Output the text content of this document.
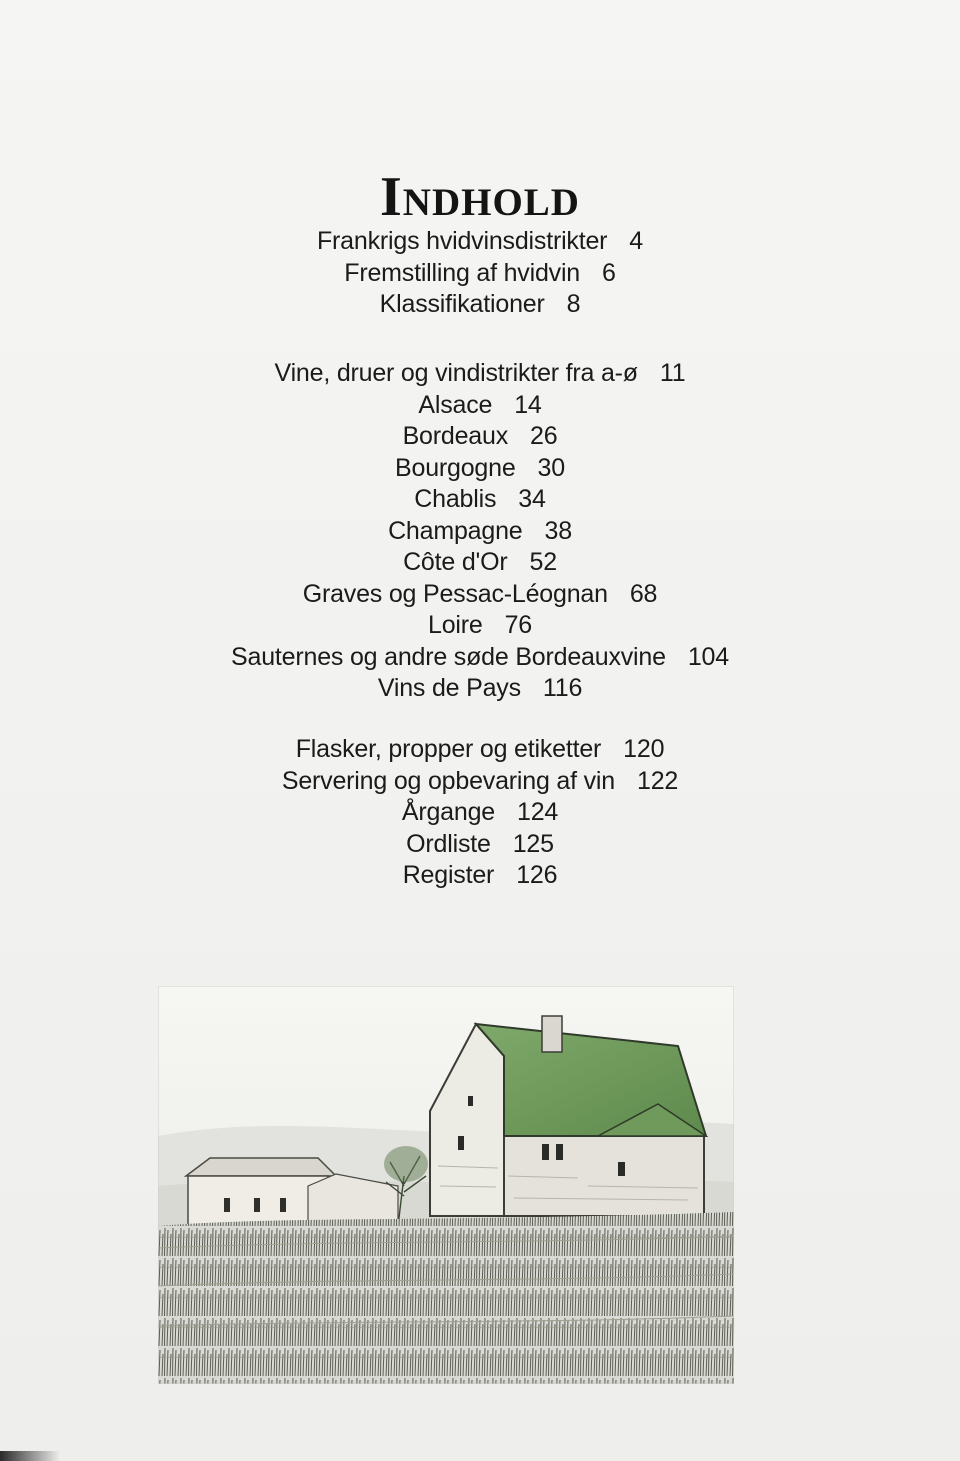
Indhold
Frankrigs hvidvinsdistrikter 4
Fremstilling af hvidvin 6
Klassifikationer 8
Vine, druer og vindistrikter fra a-ø 11
Alsace 14
Bordeaux 26
Bourgogne 30
Chablis 34
Champagne 38
Côte d'Or 52
Graves og Pessac-Léognan 68
Loire 76
Sauternes og andre søde Bordeauxvine 104
Vins de Pays 116
Flasker, propper og etiketter 120
Servering og opbevaring af vin 122
Årgange 124
Ordliste 125
Register 126
